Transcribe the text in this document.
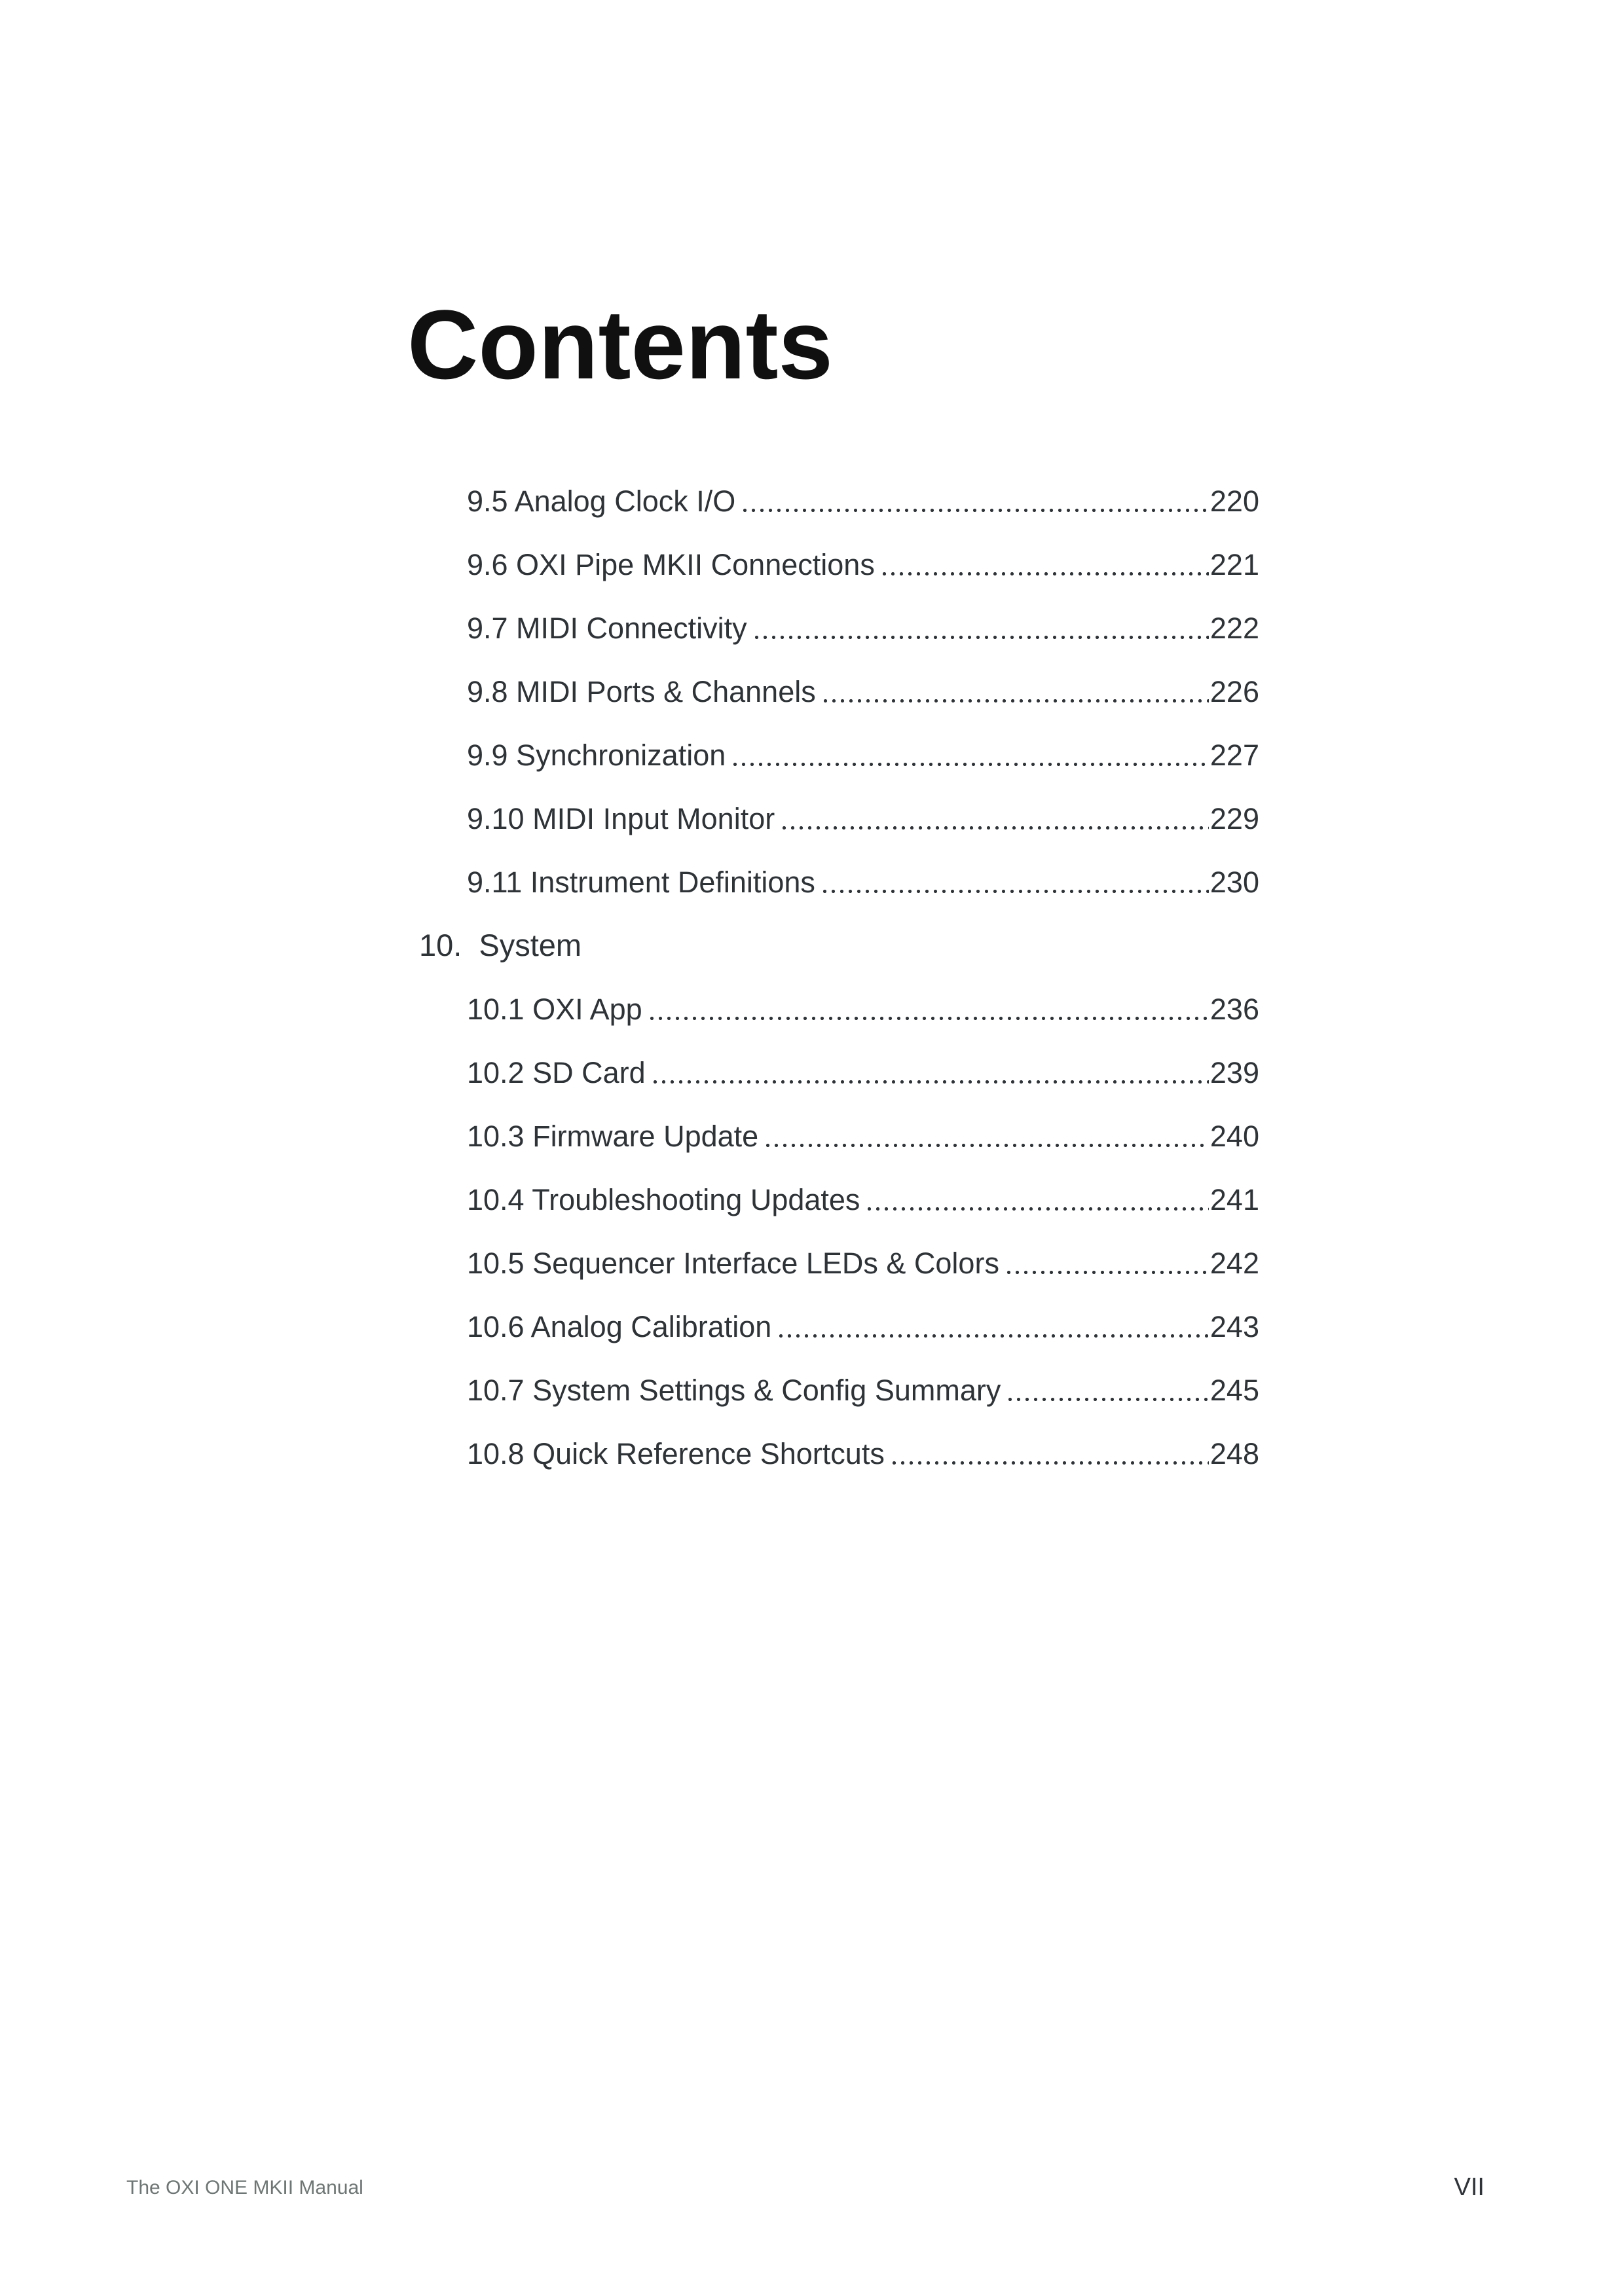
Contents
9.5 Analog Clock I/O	220
9.6 OXI Pipe MKII Connections	221
9.7 MIDI Connectivity	222
9.8 MIDI Ports & Channels	226
9.9 Synchronization	227
9.10 MIDI Input Monitor	229
9.11 Instrument Definitions	230
10. System
10.1 OXI App	236
10.2 SD Card	239
10.3 Firmware Update	240
10.4 Troubleshooting Updates	241
10.5 Sequencer Interface LEDs & Colors	242
10.6 Analog Calibration	243
10.7 System Settings & Config Summary	245
10.8 Quick Reference Shortcuts	248
The OXI ONE MKII Manual	VII
